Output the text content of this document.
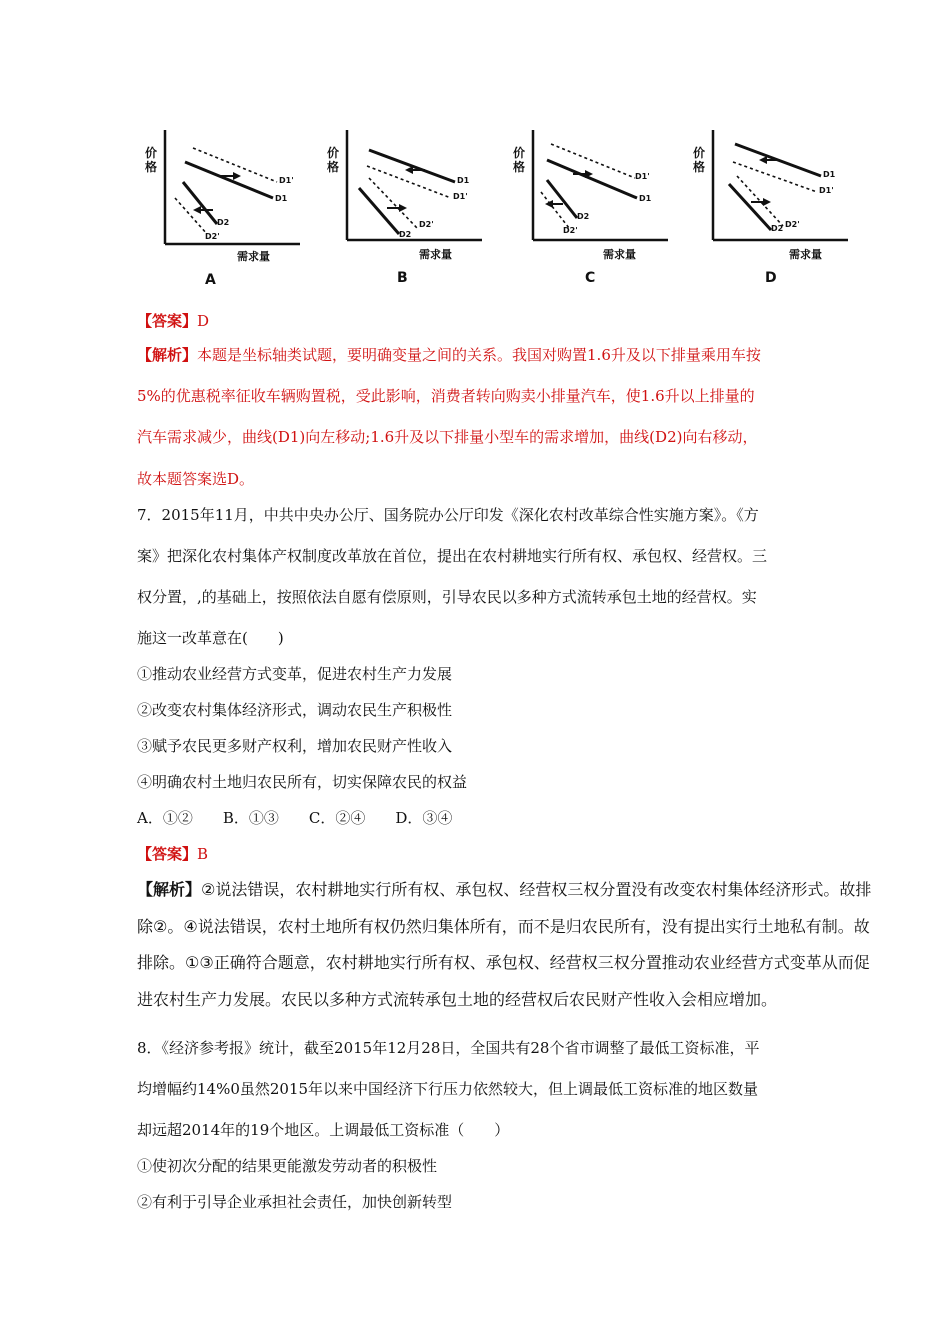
价格
需求量
D1'
D1
D2
D2'
A
价格
需求量
D1
D1'
D2'
D2
B
价格
需求量
D1'
D1
D2
D2'
C
价格
需求量
D1
D1'
D2 D2'
D
【答案】D
【解析】本题是坐标轴类试题，要明确变量之间的关系。我国对购置1.6升及以下排量乘用车按
5%的优惠税率征收车辆购置税，受此影响，消费者转向购卖小排量汽车，使1.6升以上排量的
汽车需求减少，曲线(D1)向左移动;1.6升及以下排量小型车的需求增加，曲线(D2)向右移动，
故本题答案选D。
7．2015年11月，中共中央办公厅、国务院办公厅印发《深化农村改革综合性实施方案》。《方
案》把深化农村集体产权制度改革放在首位，提出在农村耕地实行所有权、承包权、经营权。三
权分置，,的基础上，按照依法自愿有偿原则，引导农民以多种方式流转承包土地的经营权。实
施这一改革意在(　　)
①推动农业经营方式变革，促进农村生产力发展
②改变农村集体经济形式，调动农民生产积极性
③赋予农民更多财产权利，增加农民财产性收入
④明确农村土地归农民所有，切实保障农民的权益
A．①②　　B．①③　　C．②④　　D．③④
【答案】B
【解析】②说法错误，农村耕地实行所有权、承包权、经营权三权分置没有改变农村集体经济形式。故排
除②。④说法错误，农村土地所有权仍然归集体所有，而不是归农民所有，没有提出实行土地私有制。故
排除。①③正确符合题意，农村耕地实行所有权、承包权、经营权三权分置推动农业经营方式变革从而促
进农村生产力发展。农民以多种方式流转承包土地的经营权后农民财产性收入会相应增加。
8．《经济参考报》统计，截至2015年12月28日，全国共有28个省市调整了最低工资标准，平
均增幅约14%0虽然2015年以来中国经济下行压力依然较大，但上调最低工资标准的地区数量
却远超2014年的19个地区。上调最低工资标准（　　）
①使初次分配的结果更能激发劳动者的积极性
②有利于引导企业承担社会责任，加快创新转型
